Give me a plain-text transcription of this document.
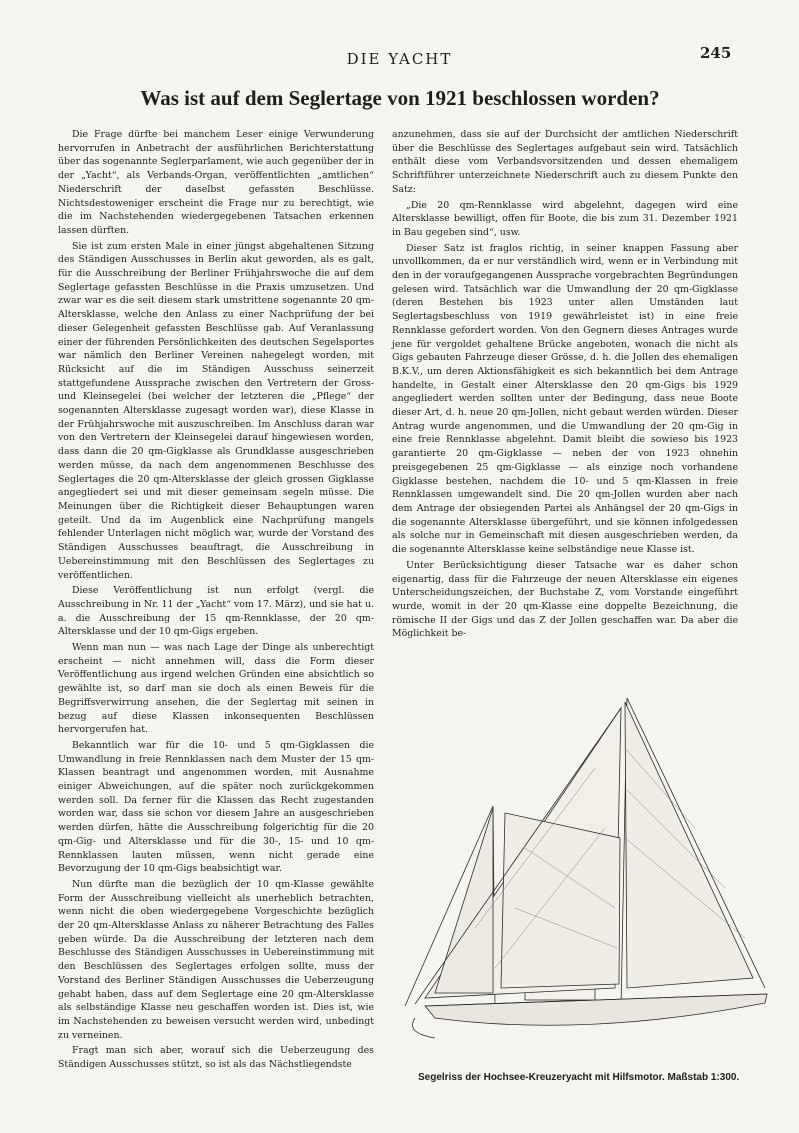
DIE YACHT	245
Was ist auf dem Seglertage von 1921 beschlossen worden?

Die Frage dürfte bei manchem Leser einige Verwunderung hervorrufen in Anbetracht der ausführlichen Berichterstattung über das sogenannte Seglerparlament, wie auch gegenüber der in der „Yacht“, als Verbands-Organ, veröffentlichten „amtlichen“ Niederschrift der daselbst gefassten Beschlüsse. Nichtsdestoweniger erscheint die Frage nur zu berechtigt, wie die im Nachstehenden wiedergegebenen Tatsachen erkennen lassen dürften.

Sie ist zum ersten Male in einer jüngst abgehaltenen Sitzung des Ständigen Ausschusses in Berlin akut geworden, als es galt, für die Ausschreibung der Berliner Frühjahrswoche die auf dem Seglertage gefassten Beschlüsse in die Praxis umzusetzen. Und zwar war es die seit diesem stark umstrittene sogenannte 20 qm-Altersklasse, welche den Anlass zu einer Nachprüfung der bei dieser Gelegenheit gefassten Beschlüsse gab. Auf Veranlassung einer der führenden Persönlichkeiten des deutschen Segelsportes war nämlich den Berliner Vereinen nahegelegt worden, mit Rücksicht auf die im Ständigen Ausschuss seinerzeit stattgefundene Aussprache zwischen den Vertretern der Gross- und Kleinsegelei (bei welcher der letzteren die „Pflege“ der sogenannten Altersklasse zugesagt worden war), diese Klasse in der Frühjahrswoche mit auszuschreiben. Im Anschluss daran war von den Vertretern der Kleinsegelei darauf hingewiesen worden, dass dann die 20 qm-Gigklasse als Grundklasse ausgeschrieben werden müsse, da nach dem angenommenen Beschlusse des Seglertages die 20 qm-Altersklasse der gleich grossen Gigklasse angegliedert sei und mit dieser gemeinsam segeln müsse. Die Meinungen über die Richtigkeit dieser Behauptungen waren geteilt. Und da im Augenblick eine Nachprüfung mangels fehlender Unterlagen nicht möglich war, wurde der Vorstand des Ständigen Ausschusses beauftragt, die Ausschreibung in Uebereinstimmung mit den Beschlüssen des Seglertages zu veröffentlichen.

Diese Veröffentlichung ist nun erfolgt (vergl. die Ausschreibung in Nr. 11 der „Yacht“ vom 17. März), und sie hat u. a. die Ausschreibung der 15 qm-Rennklasse, der 20 qm-Altersklasse und der 10 qm-Gigs ergeben.

Wenn man nun — was nach Lage der Dinge als unberechtigt erscheint — nicht annehmen will, dass die Form dieser Veröffentlichung aus irgend welchen Gründen eine absichtlich so gewählte ist, so darf man sie doch als einen Beweis für die Begriffsverwirrung ansehen, die der Seglertag mit seinen in bezug auf diese Klassen inkonsequenten Beschlüssen hervorgerufen hat.

Bekanntlich war für die 10- und 5 qm-Gigklassen die Umwandlung in freie Rennklassen nach dem Muster der 15 qm-Klassen beantragt und angenommen worden, mit Ausnahme einiger Abweichungen, auf die später noch zurückgekommen werden soll. Da ferner für die Klassen das Recht zugestanden worden war, dass sie schon vor diesem Jahre an ausgeschrieben werden dürfen, hätte die Ausschreibung folgerichtig für die 20 qm-Gig- und Altersklasse und für die 30-, 15- und 10 qm-Rennklassen lauten müssen, wenn nicht gerade eine Bevorzugung der 10 qm-Gigs beabsichtigt war.

Nun dürfte man die bezüglich der 10 qm-Klasse gewählte Form der Ausschreibung vielleicht als unerheblich betrachten, wenn nicht die oben wiedergegebene Vorgeschichte bezüglich der 20 qm-Altersklasse Anlass zu näherer Betrachtung des Falles geben würde. Da die Ausschreibung der letzteren nach dem Beschlusse des Ständigen Ausschusses in Uebereinstimmung mit den Beschlüssen des Seglertages erfolgen sollte, muss der Vorstand des Berliner Ständigen Ausschusses die Ueberzeugung gehabt haben, dass auf dem Seglertage eine 20 qm-Altersklasse als selbständige Klasse neu geschaffen worden ist. Dies ist, wie im Nachstehenden zu beweisen versucht werden wird, unbedingt zu verneinen.

Fragt man sich aber, worauf sich die Ueberzeugung des Ständigen Ausschusses stützt, so ist als das Nächstliegendste

anzunehmen, dass sie auf der Durchsicht der amtlichen Niederschrift über die Beschlüsse des Seglertages aufgebaut sein wird. Tatsächlich enthält diese vom Verbandsvorsitzenden und dessen ehemaligem Schriftführer unterzeichnete Niederschrift auch zu diesem Punkte den Satz:

„Die 20 qm-Rennklasse wird abgelehnt, dagegen wird eine Altersklasse bewilligt, offen für Boote, die bis zum 31. Dezember 1921 in Bau gegeben sind“, usw.

Dieser Satz ist fraglos richtig, in seiner knappen Fassung aber unvollkommen, da er nur verständlich wird, wenn er in Verbindung mit den in der voraufgegangenen Aussprache vorgebrachten Begründungen gelesen wird. Tatsächlich war die Umwandlung der 20 qm-Gigklasse (deren Bestehen bis 1923 unter allen Umständen laut Seglertagsbeschluss von 1919 gewährleistet ist) in eine freie Rennklasse gefordert worden. Von den Gegnern dieses Antrages wurde jene für vergoldet gehaltene Brücke angeboten, wonach die nicht als Gigs gebauten Fahrzeuge dieser Grösse, d. h. die Jollen des ehemaligen B.K.V., um deren Aktionsfähigkeit es sich bekanntlich bei dem Antrage handelte, in Gestalt einer Altersklasse den 20 qm-Gigs bis 1929 angegliedert werden sollten unter der Bedingung, dass neue Boote dieser Art, d. h. neue 20 qm-Jollen, nicht gebaut werden würden. Dieser Antrag wurde angenommen, und die Umwandlung der 20 qm-Gig in eine freie Rennklasse abgelehnt. Damit bleibt die sowieso bis 1923 garantierte 20 qm-Gigklasse — neben der von 1923 ohnehin preisgegebenen 25 qm-Gigklasse — als einzige noch vorhandene Gigklasse bestehen, nachdem die 10- und 5 qm-Klassen in freie Rennklassen umgewandelt sind. Die 20 qm-Jollen wurden aber nach dem Antrage der obsiegenden Partei als Anhängsel der 20 qm-Gigs in die sogenannte Altersklasse übergeführt, und sie können infolgedessen als solche nur in Gemeinschaft mit diesen ausgeschrieben werden, da die sogenannte Altersklasse keine selbständige neue Klasse ist.

Unter Berücksichtigung dieser Tatsache war es daher schon eigenartig, dass für die Fahrzeuge der neuen Altersklasse ein eigenes Unterscheidungszeichen, der Buchstabe Z, vom Vorstande eingeführt wurde, womit in der 20 qm-Klasse eine doppelte Bezeichnung, die römische II der Gigs und das Z der Jollen geschaffen war. Da aber die Möglichkeit be-

Segelriss der Hochsee-Kreuzeryacht mit Hilfsmotor. Maßstab 1:300.
